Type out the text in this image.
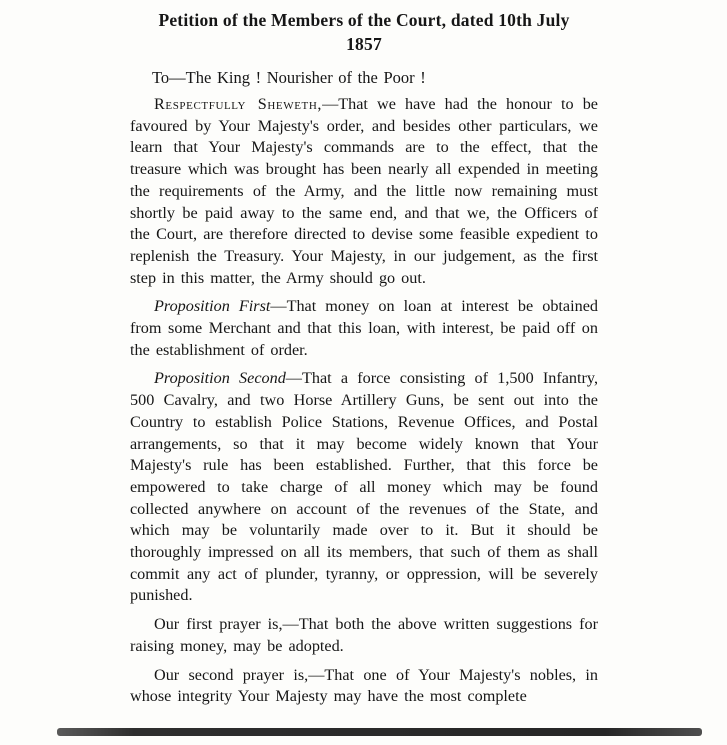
Petition of the Members of the Court, dated 10th July
1857

To—The King ! Nourisher of the Poor !

Respectfully Sheweth,—That we have had the honour to be favoured by Your Majesty's order, and besides other particulars, we learn that Your Majesty's commands are to the effect, that the treasure which was brought has been nearly all expended in meeting the requirements of the Army, and the little now remaining must shortly be paid away to the same end, and that we, the Officers of the Court, are therefore directed to devise some feasible expedient to replenish the Treasury. Your Majesty, in our judgement, as the first step in this matter, the Army should go out.

Proposition First—That money on loan at interest be obtained from some Merchant and that this loan, with interest, be paid off on the establishment of order.

Proposition Second—That a force consisting of 1,500 Infantry, 500 Cavalry, and two Horse Artillery Guns, be sent out into the Country to establish Police Stations, Revenue Offices, and Postal arrangements, so that it may become widely known that Your Majesty's rule has been established. Further, that this force be empowered to take charge of all money which may be found collected anywhere on account of the revenues of the State, and which may be voluntarily made over to it. But it should be thoroughly impressed on all its members, that such of them as shall commit any act of plunder, tyranny, or oppression, will be severely punished.

Our first prayer is,—That both the above written suggestions for raising money, may be adopted.

Our second prayer is,—That one of Your Majesty's nobles, in whose integrity Your Majesty may have the most complete
